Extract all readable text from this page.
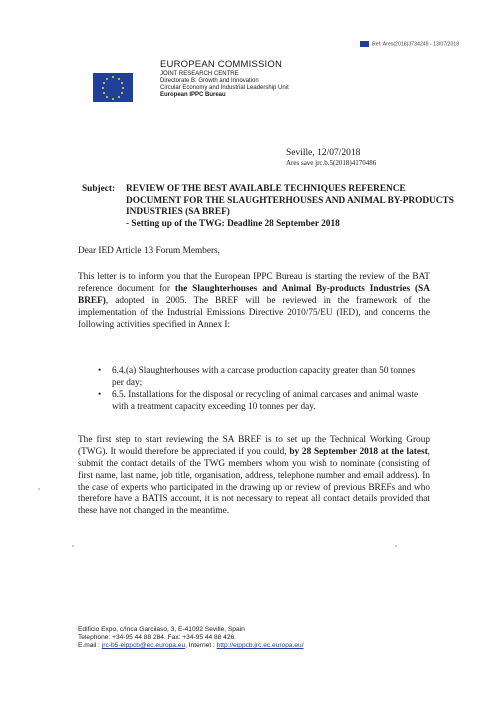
Ref. Ares(2018)3734249 - 13/07/2018
EUROPEAN COMMISSION
JOINT RESEARCH CENTRE
Directorate B: Growth and Innovation
Circular Economy and Industrial Leadership Unit
European IPPC Bureau
Seville, 12/07/2018
Ares save jrc.b.5(2018)4170486
Subject: REVIEW OF THE BEST AVAILABLE TECHNIQUES REFERENCE DOCUMENT FOR THE SLAUGHTERHOUSES AND ANIMAL BY-PRODUCTS INDUSTRIES (SA BREF)
- Setting up of the TWG: Deadline 28 September 2018
Dear IED Article 13 Forum Members,
This letter is to inform you that the European IPPC Bureau is starting the review of the BAT reference document for the Slaughterhouses and Animal By-products Industries (SA BREF), adopted in 2005. The BREF will be reviewed in the framework of the implementation of the Industrial Emissions Directive 2010/75/EU (IED), and concerns the following activities specified in Annex I:
• 6.4.(a) Slaughterhouses with a carcase production capacity greater than 50 tonnes per day;
• 6.5. Installations for the disposal or recycling of animal carcases and animal waste with a treatment capacity exceeding 10 tonnes per day.
The first step to start reviewing the SA BREF is to set up the Technical Working Group (TWG). It would therefore be appreciated if you could, by 28 September 2018 at the latest, submit the contact details of the TWG members whom you wish to nominate (consisting of first name, last name, job title, organisation, address, telephone number and email address). In the case of experts who participated in the drawing up or review of previous BREFs and who therefore have a BATIS account, it is not necessary to repeat all contact details provided that these have not changed in the meantime.
Edificio Expo, c/Inca Garcilaso, 3, E-41092 Seville, Spain
Telephone: +34-95 44 88 284. Fax: +34-95 44 88 426.
E.mail : jrc-b5-eippcb@ec.europa.eu, Internet : http://eippcb.jrc.ec.europa.eu/
